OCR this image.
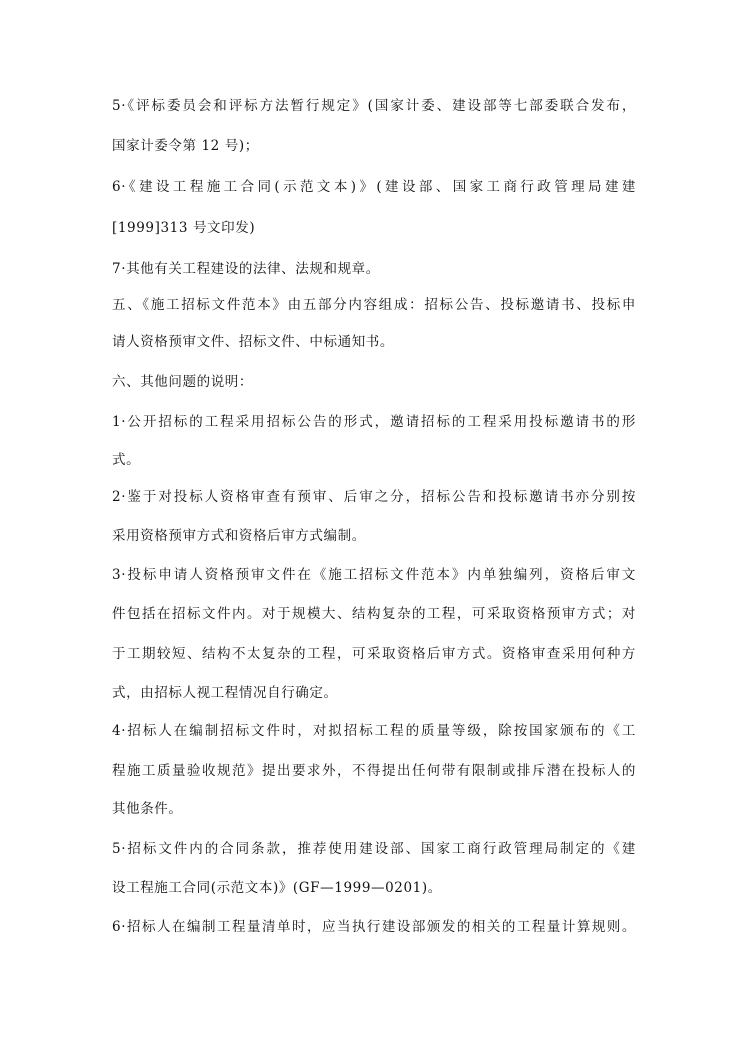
5·《评标委员会和评标方法暂行规定》(国家计委、建设部等七部委联合发布，
国家计委令第 12 号)；
6·《建设工程施工合同(示范文本)》(建设部、国家工商行政管理局建建
[1999]313 号文印发)
7·其他有关工程建设的法律、法规和规章。
五、《施工招标文件范本》由五部分内容组成：招标公告、投标邀请书、投标申
请人资格预审文件、招标文件、中标通知书。
六、其他问题的说明：
1·公开招标的工程采用招标公告的形式，邀请招标的工程采用投标邀请书的形
式。
2·鉴于对投标人资格审查有预审、后审之分，招标公告和投标邀请书亦分别按
采用资格预审方式和资格后审方式编制。
3·投标申请人资格预审文件在《施工招标文件范本》内单独编列，资格后审文
件包括在招标文件内。对于规模大、结构复杂的工程，可采取资格预审方式；对
于工期较短、结构不太复杂的工程，可采取资格后审方式。资格审查采用何种方
式，由招标人视工程情况自行确定。
4·招标人在编制招标文件时，对拟招标工程的质量等级，除按国家颁布的《工
程施工质量验收规范》提出要求外，不得提出任何带有限制或排斥潜在投标人的
其他条件。
5·招标文件内的合同条款，推荐使用建设部、国家工商行政管理局制定的《建
设工程施工合同(示范文本)》(GF—1999—0201)。
6·招标人在编制工程量清单时，应当执行建设部颁发的相关的工程量计算规则。
